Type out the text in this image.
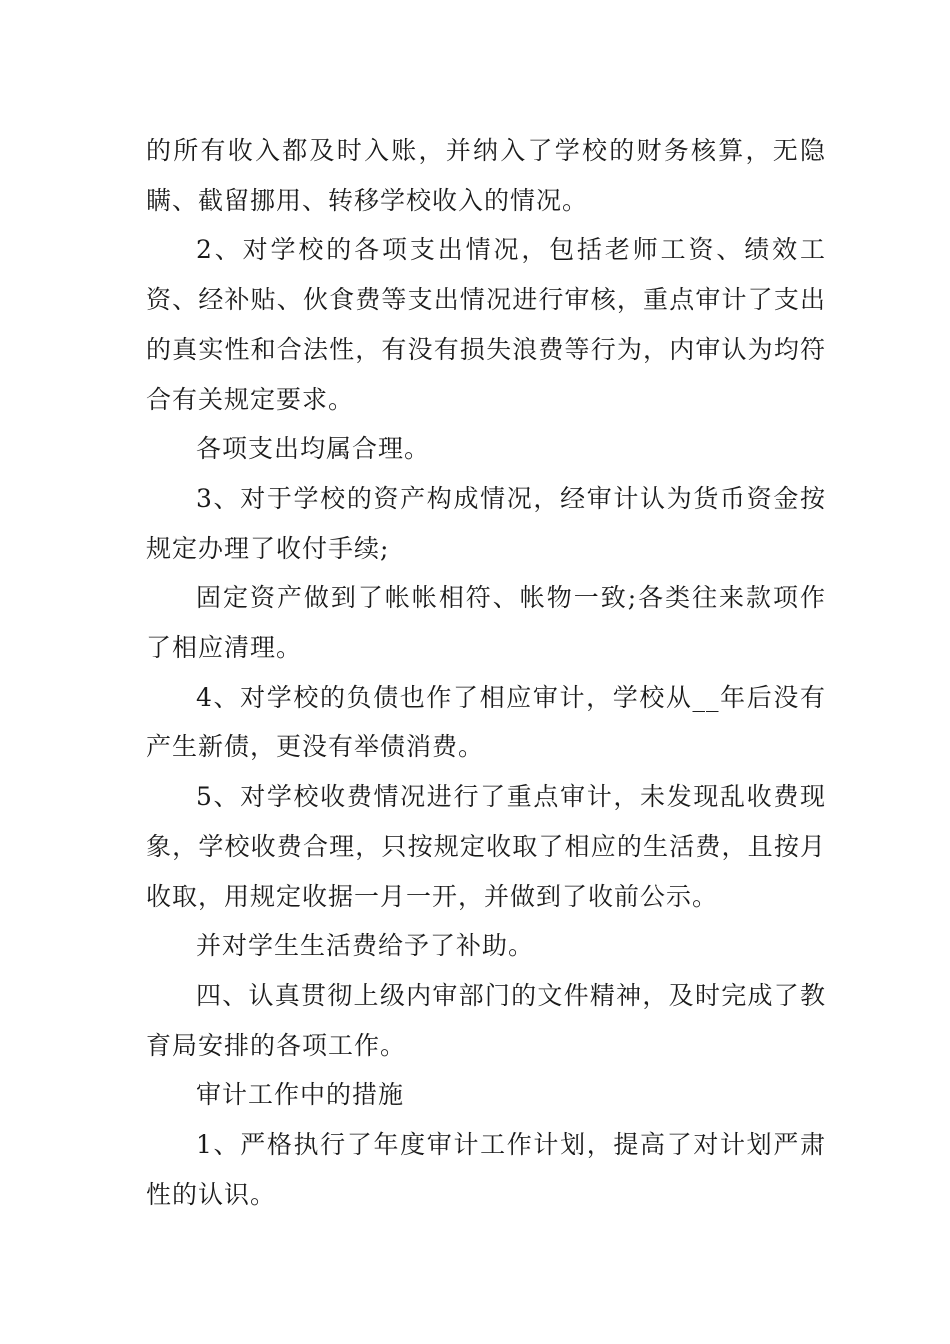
的所有收入都及时入账，并纳入了学校的财务核算，无隐瞒、截留挪用、转移学校收入的情况。

2、对学校的各项支出情况，包括老师工资、绩效工资、经补贴、伙食费等支出情况进行审核，重点审计了支出的真实性和合法性，有没有损失浪费等行为，内审认为均符合有关规定要求。

各项支出均属合理。

3、对于学校的资产构成情况，经审计认为货币资金按规定办理了收付手续;

固定资产做到了帐帐相符、帐物一致;各类往来款项作了相应清理。

4、对学校的负债也作了相应审计，学校从__年后没有产生新债，更没有举债消费。

5、对学校收费情况进行了重点审计，未发现乱收费现象，学校收费合理，只按规定收取了相应的生活费，且按月收取，用规定收据一月一开，并做到了收前公示。

并对学生生活费给予了补助。

四、认真贯彻上级内审部门的文件精神，及时完成了教育局安排的各项工作。

审计工作中的措施

1、严格执行了年度审计工作计划，提高了对计划严肃性的认识。
